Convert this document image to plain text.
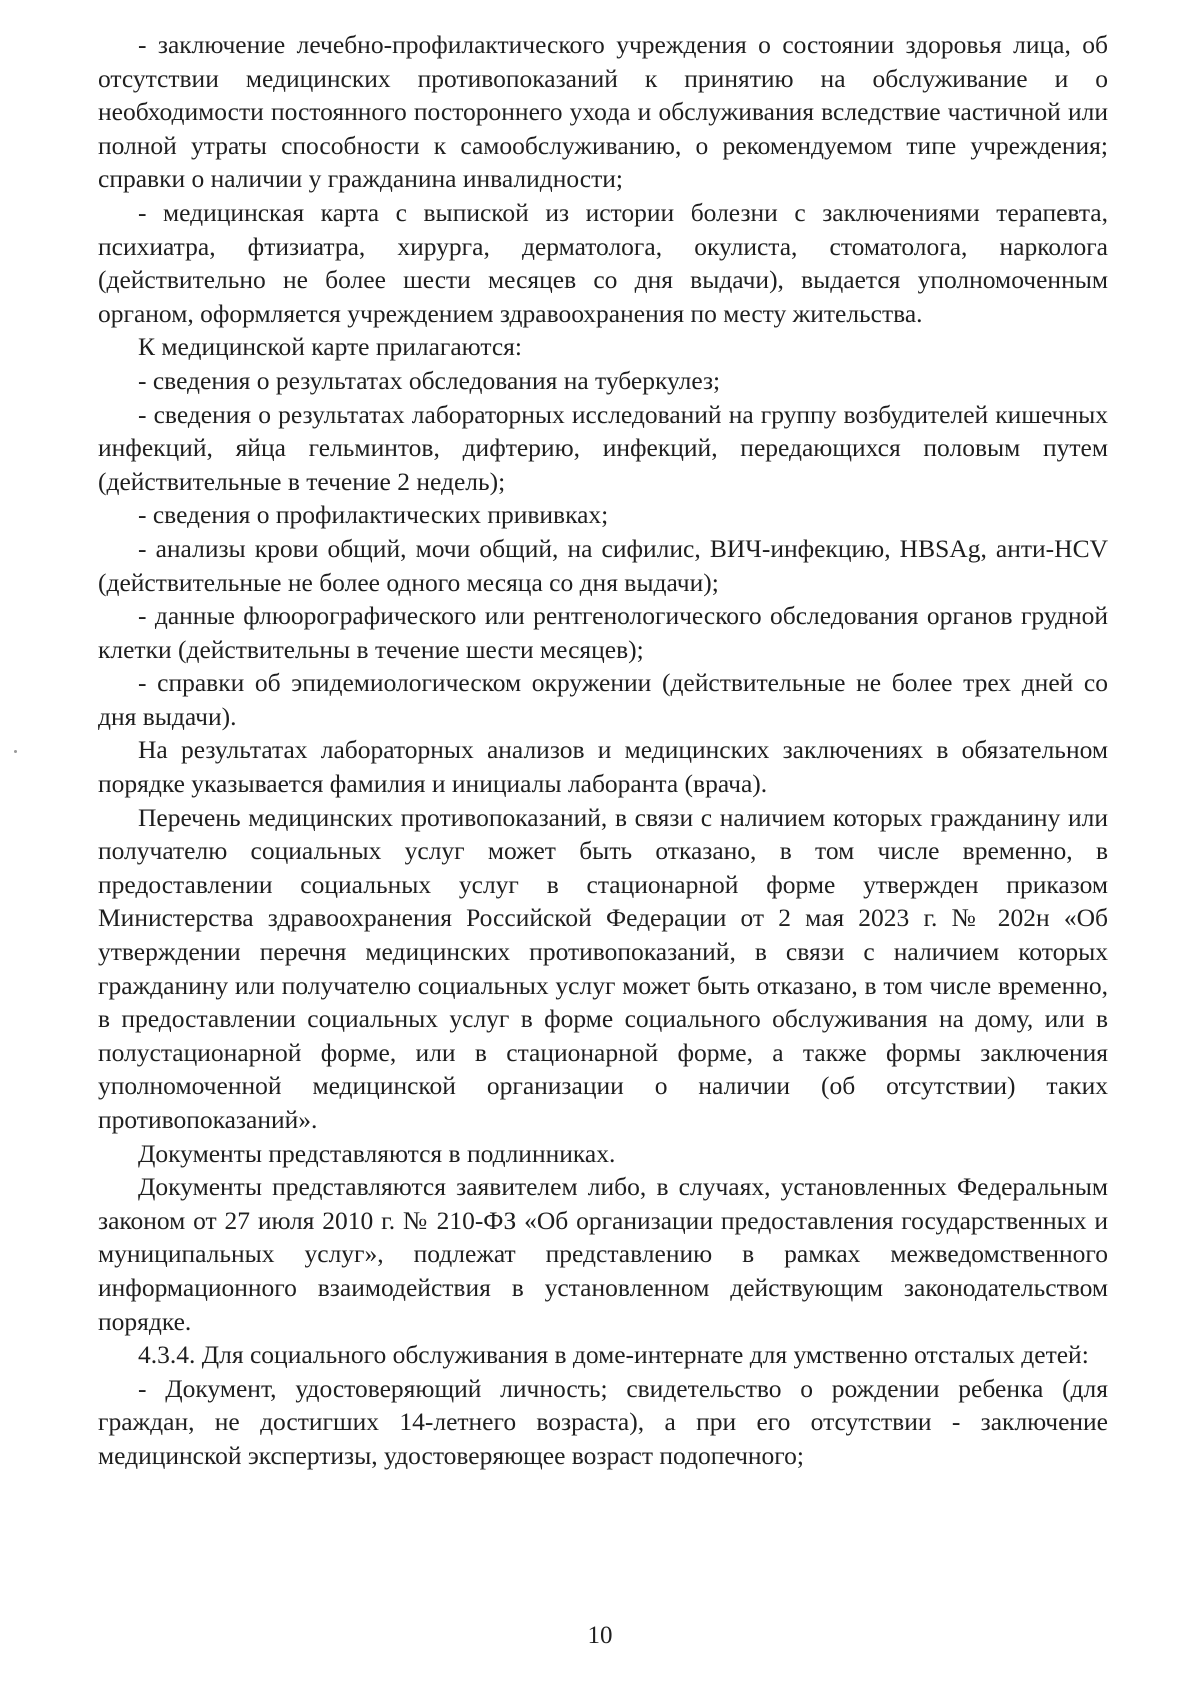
- заключение лечебно-профилактического учреждения о состоянии здоровья лица, об отсутствии медицинских противопоказаний к принятию на обслуживание и о необходимости постоянного постороннего ухода и обслуживания вследствие частичной или полной утраты способности к самообслуживанию, о рекомендуемом типе учреждения; справки о наличии у гражданина инвалидности;

- медицинская карта с выпиской из истории болезни с заключениями терапевта, психиатра, фтизиатра, хирурга, дерматолога, окулиста, стоматолога, нарколога (действительно не более шести месяцев со дня выдачи), выдается уполномоченным органом, оформляется учреждением здравоохранения по месту жительства.

К медицинской карте прилагаются:

- сведения о результатах обследования на туберкулез;

- сведения о результатах лабораторных исследований на группу возбудителей кишечных инфекций, яйца гельминтов, дифтерию, инфекций, передающихся половым путем (действительные в течение 2 недель);

- сведения о профилактических прививках;

- анализы крови общий, мочи общий, на сифилис, ВИЧ-инфекцию, HBSAg, анти-HCV (действительные не более одного месяца со дня выдачи);

- данные флюорографического или рентгенологического обследования органов грудной клетки (действительны в течение шести месяцев);

- справки об эпидемиологическом окружении (действительные не более трех дней со дня выдачи).

На результатах лабораторных анализов и медицинских заключениях в обязательном порядке указывается фамилия и инициалы лаборанта (врача).

Перечень медицинских противопоказаний, в связи с наличием которых гражданину или получателю социальных услуг может быть отказано, в том числе временно, в предоставлении социальных услуг в стационарной форме утвержден приказом Министерства здравоохранения Российской Федерации от 2 мая 2023 г. № 202н «Об утверждении перечня медицинских противопоказаний, в связи с наличием которых гражданину или получателю социальных услуг может быть отказано, в том числе временно, в предоставлении социальных услуг в форме социального обслуживания на дому, или в полустационарной форме, или в стационарной форме, а также формы заключения уполномоченной медицинской организации о наличии (об отсутствии) таких противопоказаний».

Документы представляются в подлинниках.

Документы представляются заявителем либо, в случаях, установленных Федеральным законом от 27 июля 2010 г. № 210-ФЗ «Об организации предоставления государственных и муниципальных услуг», подлежат представлению в рамках межведомственного информационного взаимодействия в установленном действующим законодательством порядке.

4.3.4. Для социального обслуживания в доме-интернате для умственно отсталых детей:

- Документ, удостоверяющий личность; свидетельство о рождении ребенка (для граждан, не достигших 14-летнего возраста), а при его отсутствии - заключение медицинской экспертизы, удостоверяющее возраст подопечного;

10
